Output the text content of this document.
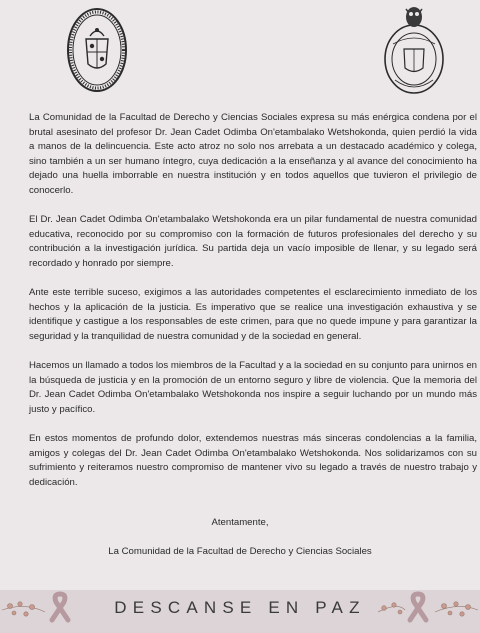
La Comunidad de la Facultad de Derecho y Ciencias Sociales expresa su más enérgica condena por el brutal asesinato del profesor Dr. Jean Cadet Odimba On'etambalako Wetshokonda, quien perdió la vida a manos de la delincuencia. Este acto atroz no solo nos arrebata a un destacado académico y colega, sino también a un ser humano íntegro, cuya dedicación a la enseñanza y al avance del conocimiento ha dejado una huella imborrable en nuestra institución y en todos aquellos que tuvieron el privilegio de conocerlo.

El Dr. Jean Cadet Odimba On'etambalako Wetshokonda era un pilar fundamental de nuestra comunidad educativa, reconocido por su compromiso con la formación de futuros profesionales del derecho y su contribución a la investigación jurídica. Su partida deja un vacío imposible de llenar, y su legado será recordado y honrado por siempre.

Ante este terrible suceso, exigimos a las autoridades competentes el esclarecimiento inmediato de los hechos y la aplicación de la justicia. Es imperativo que se realice una investigación exhaustiva y se identifique y castigue a los responsables de este crimen, para que no quede impune y para garantizar la seguridad y la tranquilidad de nuestra comunidad y de la sociedad en general.

Hacemos un llamado a todos los miembros de la Facultad y a la sociedad en su conjunto para unirnos en la búsqueda de justicia y en la promoción de un entorno seguro y libre de violencia. Que la memoria del Dr. Jean Cadet Odimba On'etambalako Wetshokonda nos inspire a seguir luchando por un mundo más justo y pacífico.

En estos momentos de profundo dolor, extendemos nuestras más sinceras condolencias a la familia, amigos y colegas del Dr. Jean Cadet Odimba On'etambalako Wetshokonda. Nos solidarizamos con su sufrimiento y reiteramos nuestro compromiso de mantener vivo su legado a través de nuestro trabajo y dedicación.

Atentamente,
La Comunidad de la Facultad de Derecho y Ciencias Sociales
DESCANSE EN PAZ
